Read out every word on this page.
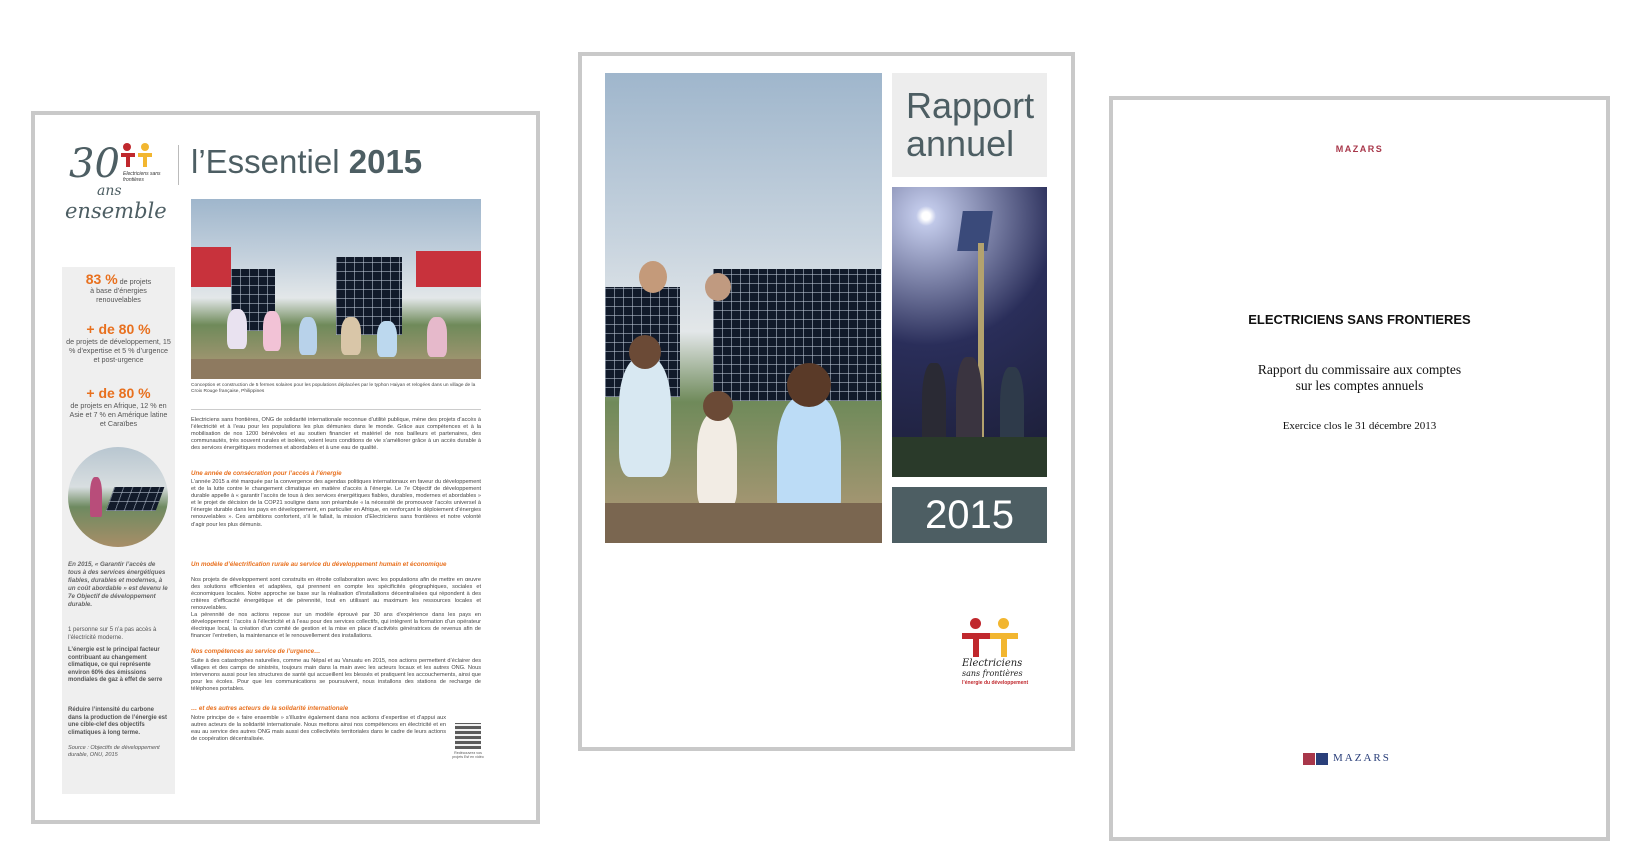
30 Electriciens sans frontières
ans
ensemble
l’Essentiel 2015
Conception et construction de 5 fermes solaires pour les populations déplacées par le typhon Haiyan et relogées dans un village de la Croix Rouge française, Philippines
83 % de projets
à base d’énergies renouvelables
+ de 80 %
de projets de développement, 15 % d’expertise et 5 % d’urgence et post-urgence
+ de 80 %
de projets en Afrique, 12 % en Asie et 7 % en Amérique latine et Caraïbes
En 2015, « Garantir l’accès de tous à des services énergétiques fiables, durables et modernes, à un coût abordable » est devenu le 7e Objectif de développement durable.
1 personne sur 5 n’a pas accès à l’électricité moderne.
L’énergie est le principal facteur contribuant au changement climatique, ce qui représente environ 60% des émissions mondiales de gaz à effet de serre
Réduire l’intensité du carbone dans la production de l’énergie est une cible-clef des objectifs climatiques à long terme.
Source : Objectifs de développement durable, ONU, 2015
Electriciens sans frontières, ONG de solidarité internationale reconnue d’utilité publique, mène des projets d’accès à l’électricité et à l’eau pour les populations les plus démunies dans le monde. Grâce aux compétences et à la mobilisation de nos 1200 bénévoles et au soutien financier et matériel de nos bailleurs et partenaires, des communautés, très souvent rurales et isolées, voient leurs conditions de vie s’améliorer grâce à un accès durable à des services énergétiques modernes et abordables et à une eau de qualité.
Une année de consécration pour l’accès à l’énergie
L’année 2015 a été marquée par la convergence des agendas politiques internationaux en faveur du développement et de la lutte contre le changement climatique en matière d’accès à l’énergie. Le 7e Objectif de développement durable appelle à « garantir l’accès de tous à des services énergétiques fiables, durables, modernes et abordables » et le projet de décision de la COP21 souligne dans son préambule « la nécessité de promouvoir l’accès universel à l’énergie durable dans les pays en développement, en particulier en Afrique, en renforçant le déploiement d’énergies renouvelables ». Ces ambitions confortent, s’il le fallait, la mission d’Electriciens sans frontières et notre volonté d’agir pour les plus démunis.
Un modèle d’électrification rurale au service du développement humain et économique
Nos projets de développement sont construits en étroite collaboration avec les populations afin de mettre en œuvre des solutions efficientes et adaptées, qui prennent en compte les spécificités géographiques, sociales et économiques locales. Notre approche se base sur la réalisation d’installations décentralisées qui répondent à des critères d’efficacité énergétique et de pérennité, tout en utilisant au maximum les ressources locales et renouvelables.
La pérennité de nos actions repose sur un modèle éprouvé par 30 ans d’expérience dans les pays en développement : l’accès à l’électricité et à l’eau pour des services collectifs, qui intègrent la formation d’un opérateur électrique local, la création d’un comité de gestion et la mise en place d’activités génératrices de revenus afin de financer l’entretien, la maintenance et le renouvellement des installations.
Nos compétences au service de l’urgence…
Suite à des catastrophes naturelles, comme au Népal et au Vanuatu en 2015, nos actions permettent d’éclairer des villages et des camps de sinistrés, toujours main dans la main avec les acteurs locaux et les autres ONG. Nous intervenons aussi pour les structures de santé qui accueillent les blessés et pratiquent les accouchements, ainsi que pour les écoles. Pour que les communications se poursuivent, nous installons des stations de recharge de téléphones portables.
… et des autres acteurs de la solidarité internationale
Notre principe de « faire ensemble » s’illustre également dans nos actions d’expertise et d’appui aux autres acteurs de la solidarité internationale. Nous mettons ainsi nos compétences en électricité et en eau au service des autres ONG mais aussi des collectivités territoriales dans le cadre de leurs actions de coopération décentralisée.
Redécouvrez vos projets Esf en vidéo
Rapport
annuel
2015
Electriciens
sans frontières
l’énergie du développement
MAZARS
ELECTRICIENS SANS FRONTIERES
Rapport du commissaire aux comptes
sur les comptes annuels
Exercice clos le 31 décembre 2013
MAZARS
